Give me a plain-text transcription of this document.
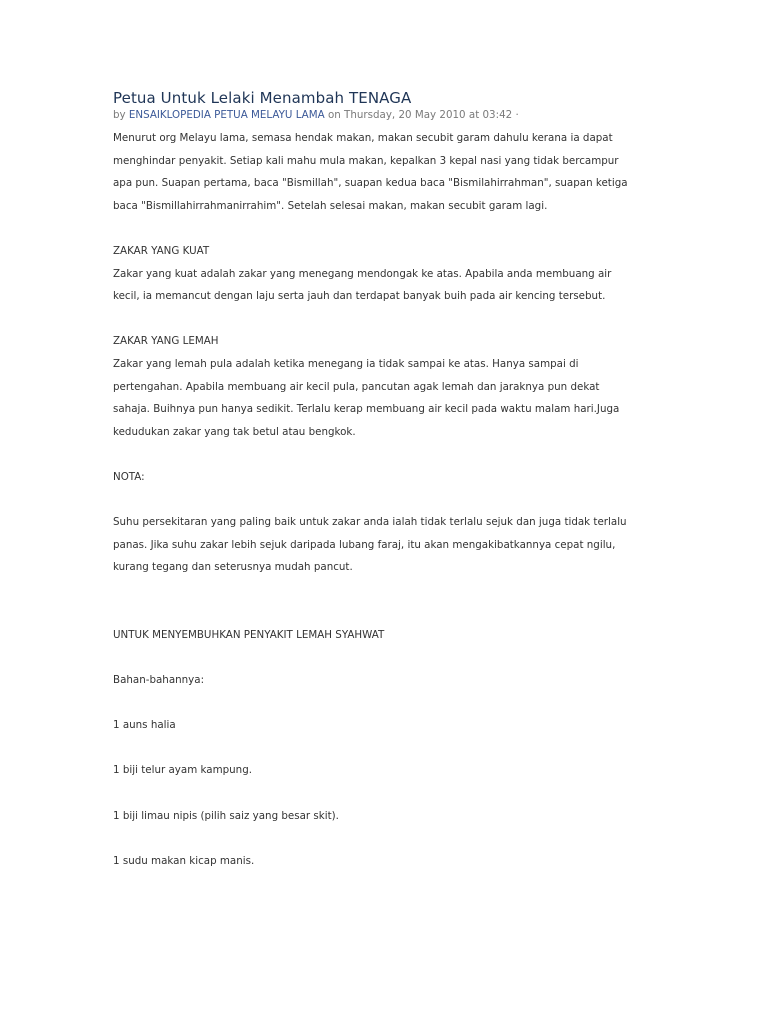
Petua Untuk Lelaki Menambah TENAGA

by ENSAIKLOPEDIA PETUA MELAYU LAMA on Thursday, 20 May 2010 at 03:42 ·

Menurut org Melayu lama, semasa hendak makan, makan secubit garam dahulu kerana ia dapat

menghindar penyakit. Setiap kali mahu mula makan, kepalkan 3 kepal nasi yang tidak bercampur

apa pun. Suapan pertama, baca "Bismillah", suapan kedua baca "Bismilahirrahman", suapan ketiga

baca "Bismillahirrahmanirrahim". Setelah selesai makan, makan secubit garam lagi.

ZAKAR YANG KUAT

Zakar yang kuat adalah zakar yang menegang mendongak ke atas. Apabila anda membuang air

kecil, ia memancut dengan laju serta jauh dan terdapat banyak buih pada air kencing tersebut.

ZAKAR YANG LEMAH

Zakar yang lemah pula adalah ketika menegang ia tidak sampai ke atas. Hanya sampai di

pertengahan. Apabila membuang air kecil pula, pancutan agak lemah dan jaraknya pun dekat

sahaja. Buihnya pun hanya sedikit. Terlalu kerap membuang air kecil pada waktu malam hari.Juga

kedudukan zakar yang tak betul atau bengkok.

NOTA:

Suhu persekitaran yang paling baik untuk zakar anda ialah tidak terlalu sejuk dan juga tidak terlalu

panas. Jika suhu zakar lebih sejuk daripada lubang faraj, itu akan mengakibatkannya cepat ngilu,

kurang tegang dan seterusnya mudah pancut.

UNTUK MENYEMBUHKAN PENYAKIT LEMAH SYAHWAT

Bahan-bahannya:

1 auns halia

1 biji telur ayam kampung.

1 biji limau nipis (pilih saiz yang besar skit).

1 sudu makan kicap manis.
